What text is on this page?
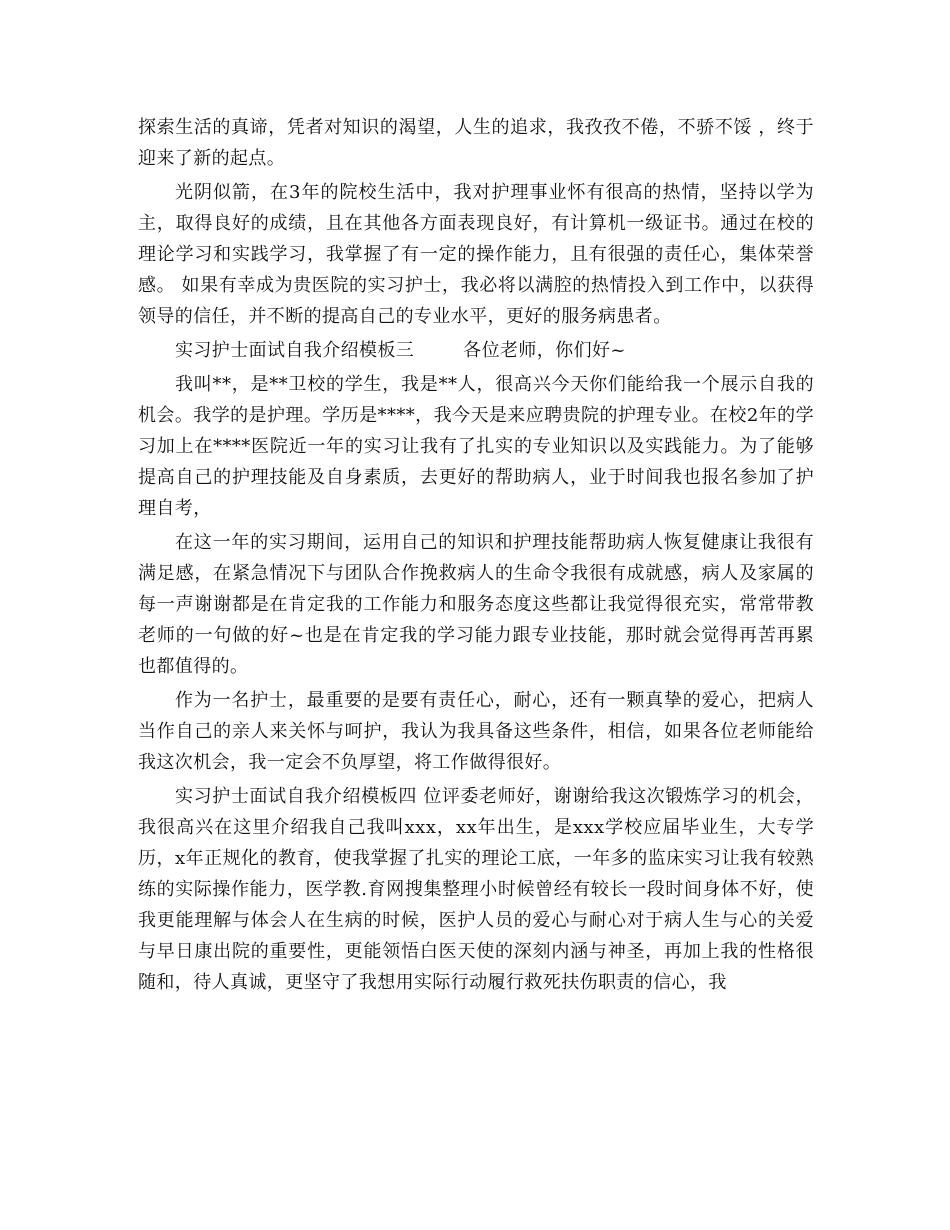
探索生活的真谛，凭者对知识的渴望，人生的追求，我孜孜不倦，不骄不馁 ，终于迎来了新的起点。

光阴似箭，在3年的院校生活中，我对护理事业怀有很高的热情，坚持以学为主，取得良好的成绩，且在其他各方面表现良好，有计算机一级证书。通过在校的理论学习和实践学习，我掌握了有一定的操作能力，且有很强的责任心，集体荣誉感。 如果有幸成为贵医院的实习护士，我必将以满腔的热情投入到工作中，以获得领导的信任，并不断的提高自己的专业水平，更好的服务病患者。

实习护士面试自我介绍模板三        各位老师，你们好~

我叫**，是**卫校的学生，我是**人，很高兴今天你们能给我一个展示自我的机会。我学的是护理。学历是****，我今天是来应聘贵院的护理专业。在校2年的学习加上在****医院近一年的实习让我有了扎实的专业知识以及实践能力。为了能够提高自己的护理技能及自身素质，去更好的帮助病人，业于时间我也报名参加了护理自考，

在这一年的实习期间，运用自己的知识和护理技能帮助病人恢复健康让我很有满足感，在紧急情况下与团队合作挽救病人的生命令我很有成就感，病人及家属的每一声谢谢都是在肯定我的工作能力和服务态度这些都让我觉得很充实，常常带教老师的一句做的好~也是在肯定我的学习能力跟专业技能，那时就会觉得再苦再累也都值得的。

作为一名护士，最重要的是要有责任心，耐心，还有一颗真挚的爱心，把病人当作自己的亲人来关怀与呵护，我认为我具备这些条件，相信，如果各位老师能给我这次机会，我一定会不负厚望，将工作做得很好。

实习护士面试自我介绍模板四 位评委老师好，谢谢给我这次锻炼学习的机会，我很高兴在这里介绍我自己我叫xxx，xx年出生，是xxx学校应届毕业生，大专学历，x年正规化的教育，使我掌握了扎实的理论工底，一年多的监床实习让我有较熟练的实际操作能力，医学教.育网搜集整理小时候曾经有较长一段时间身体不好，使我更能理解与体会人在生病的时候，医护人员的爱心与耐心对于病人生与心的关爱与早日康出院的重要性，更能领悟白医天使的深刻内涵与神圣，再加上我的性格很随和，待人真诚，更坚守了我想用实际行动履行救死扶伤职责的信心，我
